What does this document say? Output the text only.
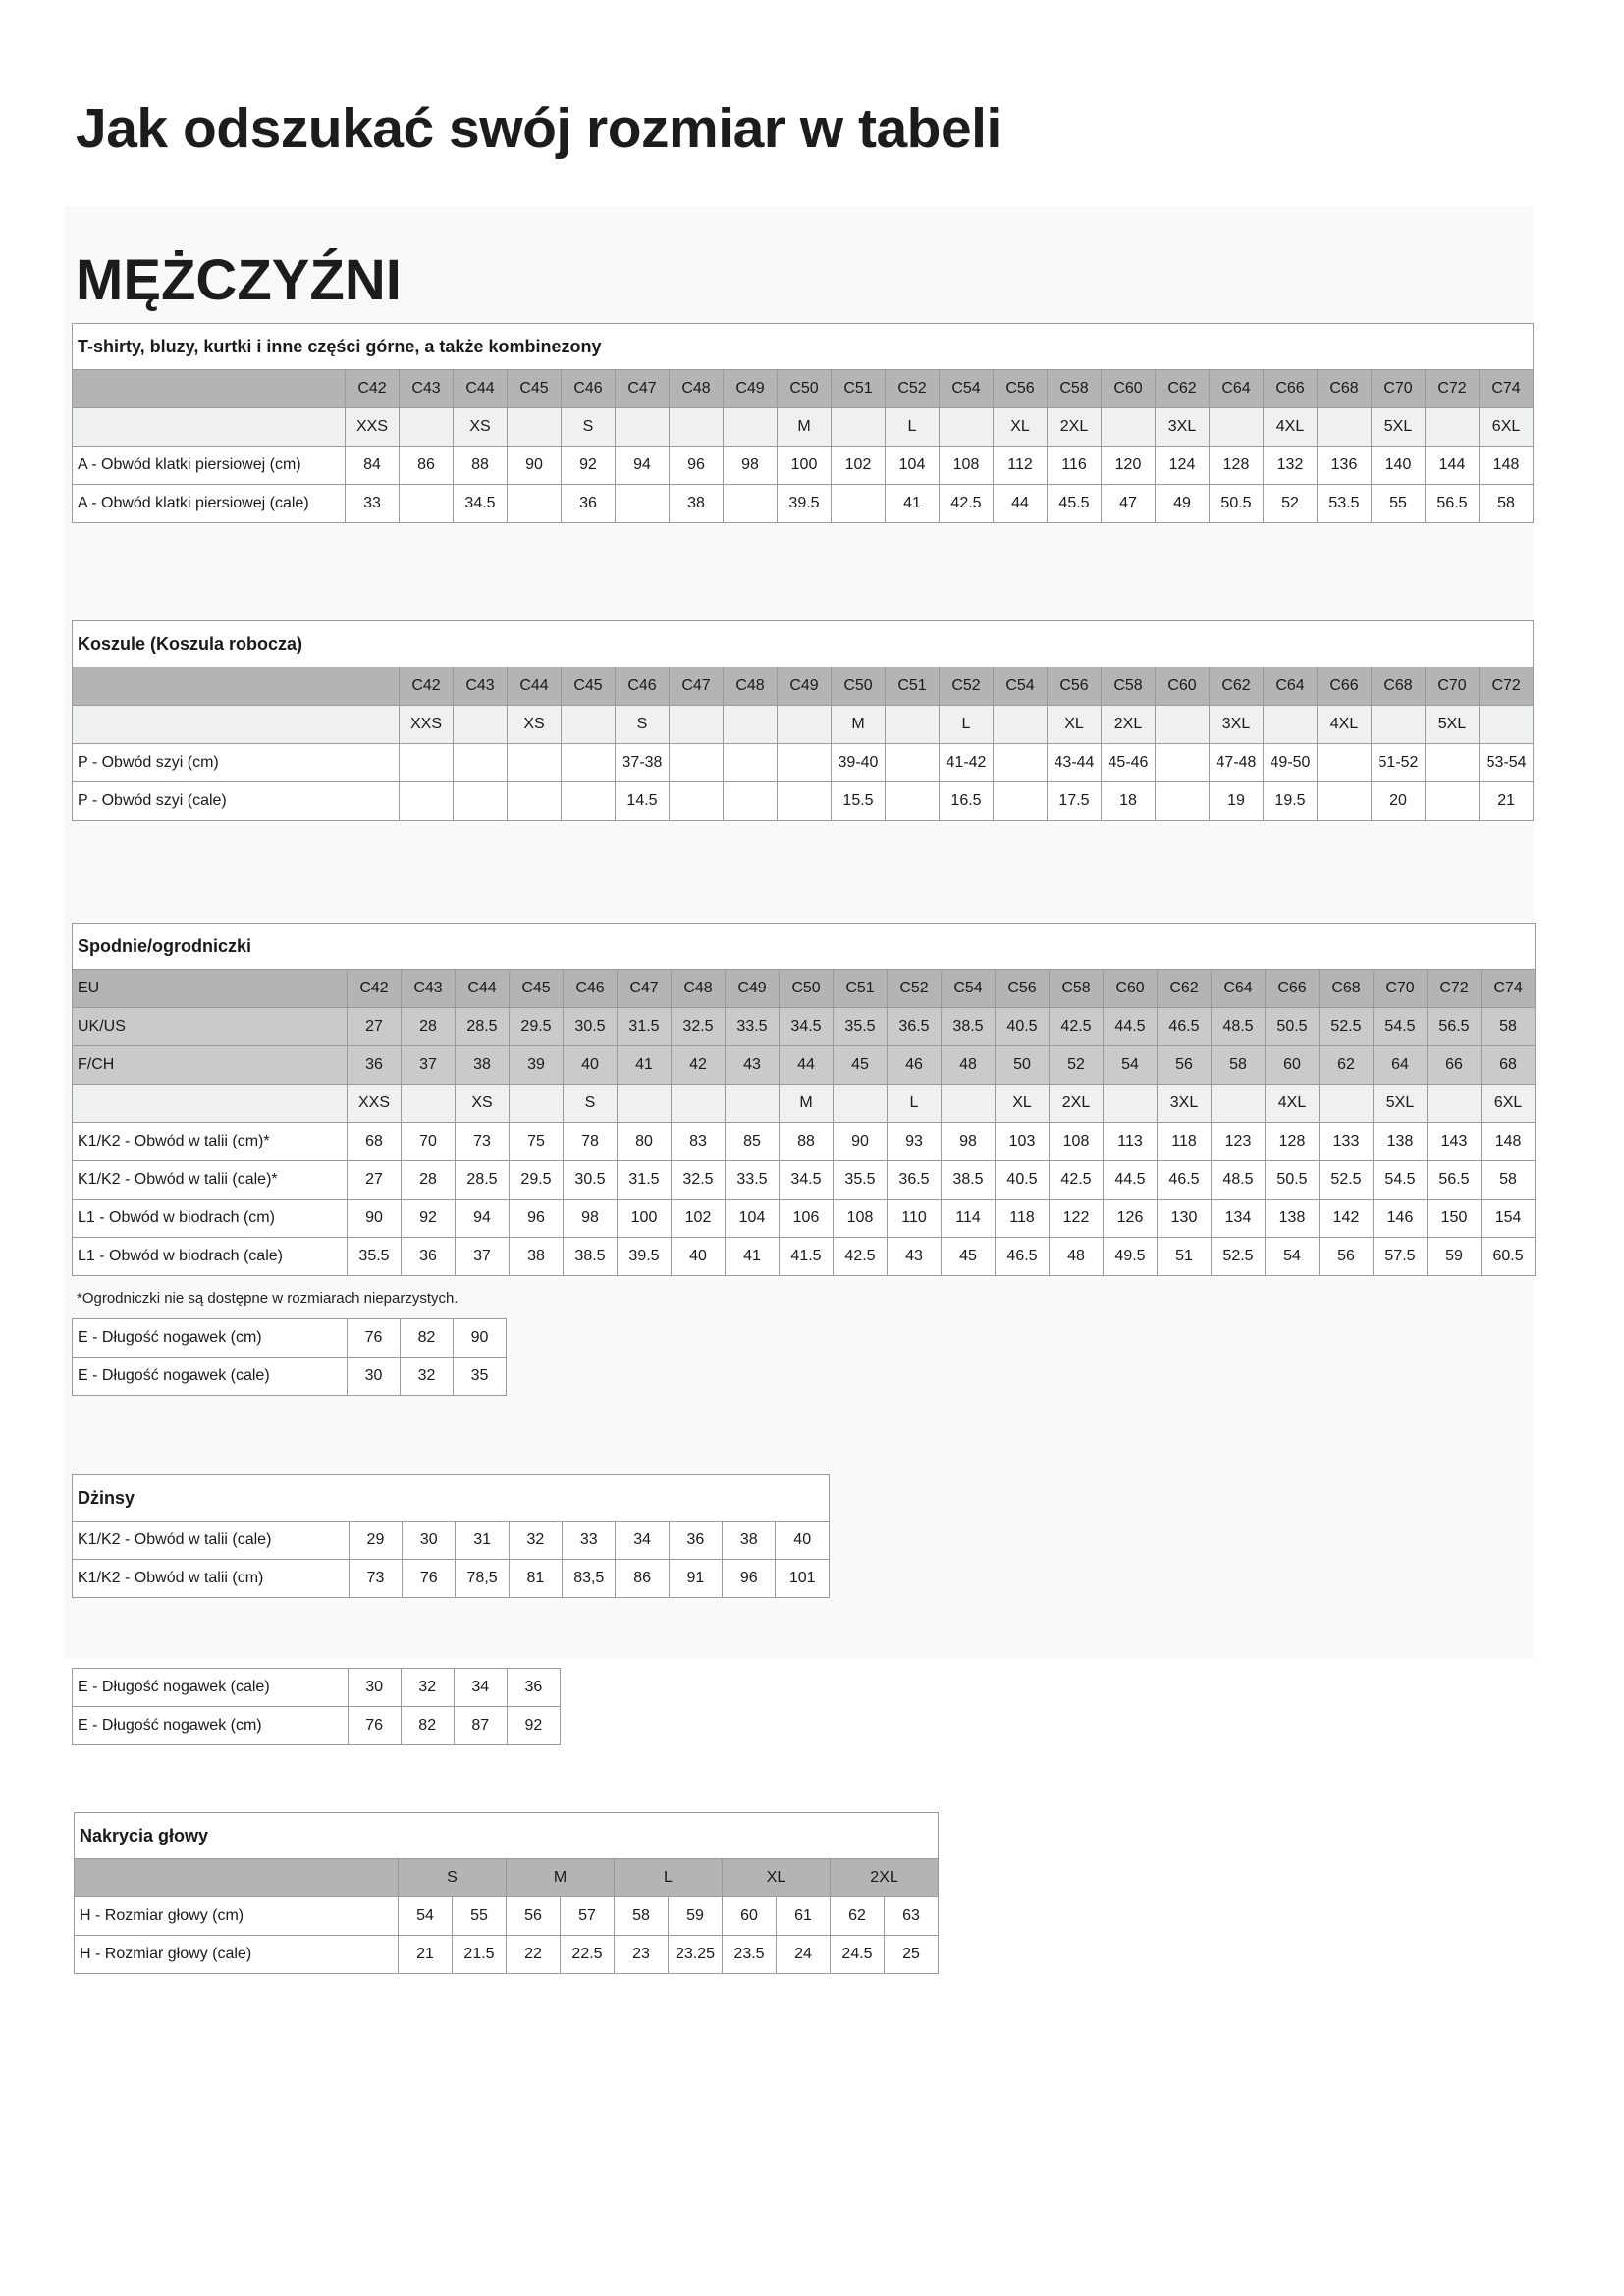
Jak odszukać swój rozmiar w tabeli
MĘŻCZYŹNI
T-shirty, bluzy, kurtki i inne części górne, a także kombinezony																						
	C42	C43	C44	C45	C46	C47	C48	C49	C50	C51	C52	C54	C56	C58	C60	C62	C64	C66	C68	C70	C72	C74
	XXS		XS		S				M		L		XL	2XL		3XL		4XL		5XL		6XL
A - Obwód klatki piersiowej (cm)	84	86	88	90	92	94	96	98	100	102	104	108	112	116	120	124	128	132	136	140	144	148
A - Obwód klatki piersiowej (cale)	33		34.5		36		38		39.5		41	42.5	44	45.5	47	49	50.5	52	53.5	55	56.5	58
Koszule (Koszula robocza)																					
	C42	C43	C44	C45	C46	C47	C48	C49	C50	C51	C52	C54	C56	C58	C60	C62	C64	C66	C68	C70	C72
	XXS		XS		S				M		L		XL	2XL		3XL		4XL		5XL	
P - Obwód szyi (cm)					37-38				39-40		41-42		43-44	45-46		47-48	49-50		51-52		53-54
P - Obwód szyi (cale)					14.5				15.5		16.5		17.5	18		19	19.5		20		21
Spodnie/ogrodniczki																						
EU	C42	C43	C44	C45	C46	C47	C48	C49	C50	C51	C52	C54	C56	C58	C60	C62	C64	C66	C68	C70	C72	C74
UK/US	27	28	28.5	29.5	30.5	31.5	32.5	33.5	34.5	35.5	36.5	38.5	40.5	42.5	44.5	46.5	48.5	50.5	52.5	54.5	56.5	58
F/CH	36	37	38	39	40	41	42	43	44	45	46	48	50	52	54	56	58	60	62	64	66	68
	XXS		XS		S				M		L		XL	2XL		3XL		4XL		5XL		6XL
K1/K2 - Obwód w talii (cm)*	68	70	73	75	78	80	83	85	88	90	93	98	103	108	113	118	123	128	133	138	143	148
K1/K2 - Obwód w talii (cale)*	27	28	28.5	29.5	30.5	31.5	32.5	33.5	34.5	35.5	36.5	38.5	40.5	42.5	44.5	46.5	48.5	50.5	52.5	54.5	56.5	58
L1 - Obwód w biodrach (cm)	90	92	94	96	98	100	102	104	106	108	110	114	118	122	126	130	134	138	142	146	150	154
L1 - Obwód w biodrach (cale)	35.5	36	37	38	38.5	39.5	40	41	41.5	42.5	43	45	46.5	48	49.5	51	52.5	54	56	57.5	59	60.5
*Ogrodniczki nie są dostępne w rozmiarach nieparzystych.
E - Długość nogawek (cm)	76	82	90
E - Długość nogawek (cale)	30	32	35
Dżinsy									
K1/K2 - Obwód w talii (cale)	29	30	31	32	33	34	36	38	40
K1/K2 - Obwód w talii (cm)	73	76	78,5	81	83,5	86	91	96	101
E - Długość nogawek (cale)	30	32	34	36
E - Długość nogawek (cm)	76	82	87	92
Nakrycia głowy										
	S		M		L		XL		2XL	
H - Rozmiar głowy (cm)	54	55	56	57	58	59	60	61	62	63
H - Rozmiar głowy (cale)	21	21.5	22	22.5	23	23.25	23.5	24	24.5	25
